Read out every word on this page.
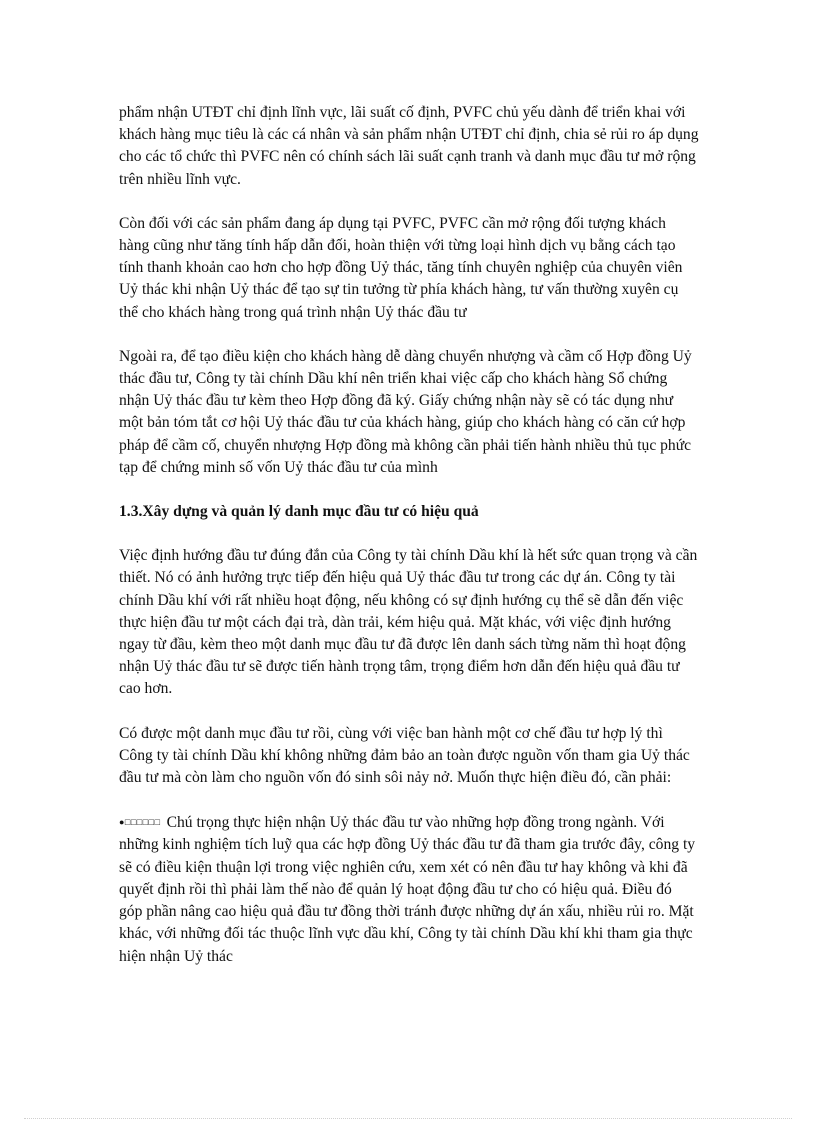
phẩm nhận UTĐT chỉ định lĩnh vực, lãi suất cố định, PVFC chủ yếu dành để triển khai với khách hàng mục tiêu là các cá nhân và sản phẩm nhận UTĐT chỉ định, chia sẻ rủi ro áp dụng cho các tổ chức thì PVFC nên có chính sách lãi suất cạnh tranh và danh mục đầu tư mở rộng trên nhiều lĩnh vực.

Còn đối với các sản phẩm đang áp dụng tại PVFC, PVFC cần mở rộng đối tượng khách hàng cũng như tăng tính hấp dẫn đối, hoàn thiện với từng loại hình dịch vụ bằng cách tạo tính thanh khoản cao hơn cho hợp đồng Uỷ thác, tăng tính chuyên nghiệp của chuyên viên Uỷ thác khi nhận Uỷ thác để tạo sự tin tưởng từ phía khách hàng, tư vấn thường xuyên cụ thể cho khách hàng trong quá trình nhận Uỷ thác đầu tư

Ngoài ra, để tạo điều kiện cho khách hàng dễ dàng chuyển nhượng và cầm cố Hợp đồng Uỷ thác đầu tư, Công ty tài chính Dầu khí nên triển khai việc cấp cho khách hàng Sổ chứng nhận Uỷ thác đầu tư kèm theo Hợp đồng đã ký. Giấy chứng nhận này sẽ có tác dụng như một bản tóm tắt cơ hội Uỷ thác đầu tư của khách hàng, giúp cho khách hàng có căn cứ hợp pháp để cầm cố, chuyển nhượng Hợp đồng mà không cần phải tiến hành nhiều thủ tục phức tạp để chứng minh số vốn Uỷ thác đầu tư của mình

1.3.Xây dựng và quản lý danh mục đầu tư có hiệu quả

Việc định hướng đầu tư đúng đắn của Công ty tài chính Dầu khí là hết sức quan trọng và cần thiết. Nó có ảnh hưởng trực tiếp đến hiệu quả Uỷ thác đầu tư trong các dự án. Công ty tài chính Dầu khí với rất nhiều hoạt động, nếu không có sự định hướng cụ thể sẽ dẫn đến việc thực hiện đầu tư một cách đại trà, dàn trải, kém hiệu quả. Mặt khác, với việc định hướng ngay từ đầu, kèm theo một danh mục đầu tư đã được lên danh sách từng năm thì hoạt động nhận Uỷ thác đầu tư sẽ được tiến hành trọng tâm, trọng điểm hơn dẫn đến hiệu quả đầu tư cao hơn.

Có được một danh mục đầu tư rồi, cùng với việc ban hành một cơ chế đầu tư hợp lý thì Công ty tài chính Dầu khí không những đảm bảo an toàn được nguồn vốn tham gia Uỷ thác đầu tư mà còn làm cho nguồn vốn đó sinh sôi nảy nở. Muốn thực hiện điều đó, cần phải:

●□□□□□□ Chú trọng thực hiện nhận Uỷ thác đầu tư vào những hợp đồng trong ngành. Với những kinh nghiệm tích luỹ qua các hợp đồng Uỷ thác đầu tư đã tham gia trước đây, công ty sẽ có điều kiện thuận lợi trong việc nghiên cứu, xem xét có nên đầu tư hay không và khi đã quyết định rồi thì phải làm thế nào để quản lý hoạt động đầu tư cho có hiệu quả. Điều đó góp phần nâng cao hiệu quả đầu tư đồng thời tránh được những dự án xấu, nhiều rủi ro. Mặt khác, với những đối tác thuộc lĩnh vực dầu khí, Công ty tài chính Dầu khí khi tham gia thực hiện nhận Uỷ thác
